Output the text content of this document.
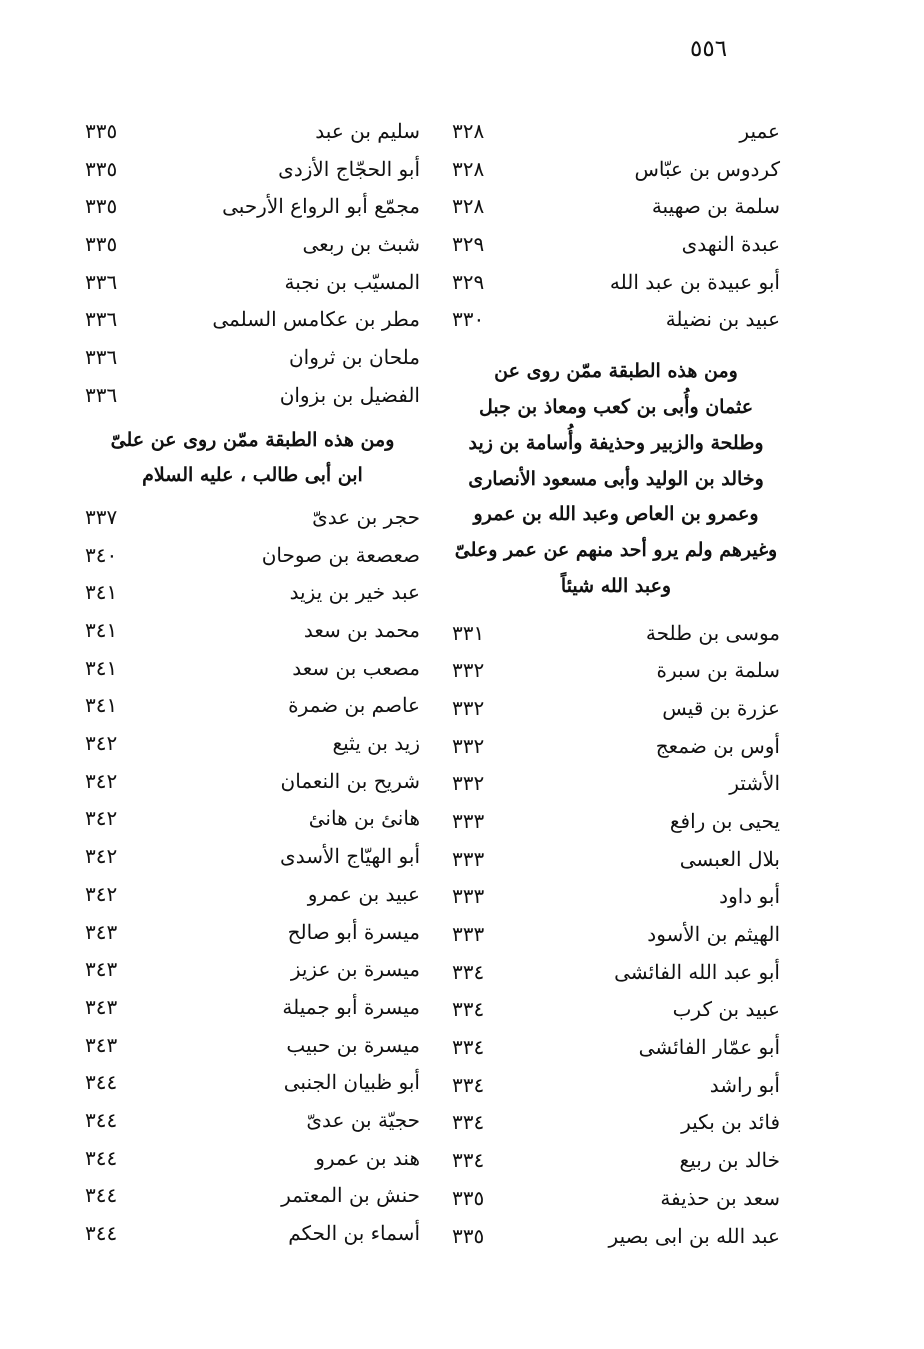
٥٥٦
عمير
٣٢٨
كردوس بن عبّاس
٣٢٨
سلمة بن صهيبة
٣٢٨
عبدة النهدى
٣٢٩
أبو عبيدة بن عبد الله
٣٢٩
عبيد بن نضيلة
٣٣٠
ومن هذه الطبقة ممّن روى عن
عثمان وأُبى بن كعب ومعاذ بن جبل
وطلحة والزبير وحذيفة وأُسامة بن زيد
وخالد بن الوليد وأبى مسعود الأنصارى
وعمرو بن العاص وعبد الله بن عمرو
وغيرهم ولم يرو أحد منهم عن عمر وعلىّ
وعبد الله شيئاً
موسى بن طلحة
٣٣١
سلمة بن سبرة
٣٣٢
عزرة بن قيس
٣٣٢
أوس بن ضمعج
٣٣٢
الأشتر
٣٣٢
يحيى بن رافع
٣٣٣
بلال العبسى
٣٣٣
أبو داود
٣٣٣
الهيثم بن الأسود
٣٣٣
أبو عبد الله الفائشى
٣٣٤
عبيد بن كرب
٣٣٤
أبو عمّار الفائشى
٣٣٤
أبو راشد
٣٣٤
فائد بن بكير
٣٣٤
خالد بن ربيع
٣٣٤
سعد بن حذيفة
٣٣٥
عبد الله بن ابى بصير
٣٣٥
سليم بن عبد
٣٣٥
أبو الحجّاج الأزدى
٣٣٥
مجمّع أبو الرواع الأرحبى
٣٣٥
شبث بن ربعى
٣٣٥
المسيّب بن نجبة
٣٣٦
مطر بن عكامس السلمى
٣٣٦
ملحان بن ثروان
٣٣٦
الفضيل بن بزوان
٣٣٦
ومن هذه الطبقة ممّن روى عن علىّ
ابن أبى طالب ، عليه السلام
حجر بن عدىّ
٣٣٧
صعصعة بن صوحان
٣٤٠
عبد خير بن يزيد
٣٤١
محمد بن سعد
٣٤١
مصعب بن سعد
٣٤١
عاصم بن ضمرة
٣٤١
زيد بن يثيع
٣٤٢
شريح بن النعمان
٣٤٢
هانئ بن هانئ
٣٤٢
أبو الهيّاج الأسدى
٣٤٢
عبيد بن عمرو
٣٤٢
ميسرة أبو صالح
٣٤٣
ميسرة بن عزيز
٣٤٣
ميسرة أبو جميلة
٣٤٣
ميسرة بن حبيب
٣٤٣
أبو ظبيان الجنبى
٣٤٤
حجيّة بن عدىّ
٣٤٤
هند بن عمرو
٣٤٤
حنش بن المعتمر
٣٤٤
أسماء بن الحكم
٣٤٤
